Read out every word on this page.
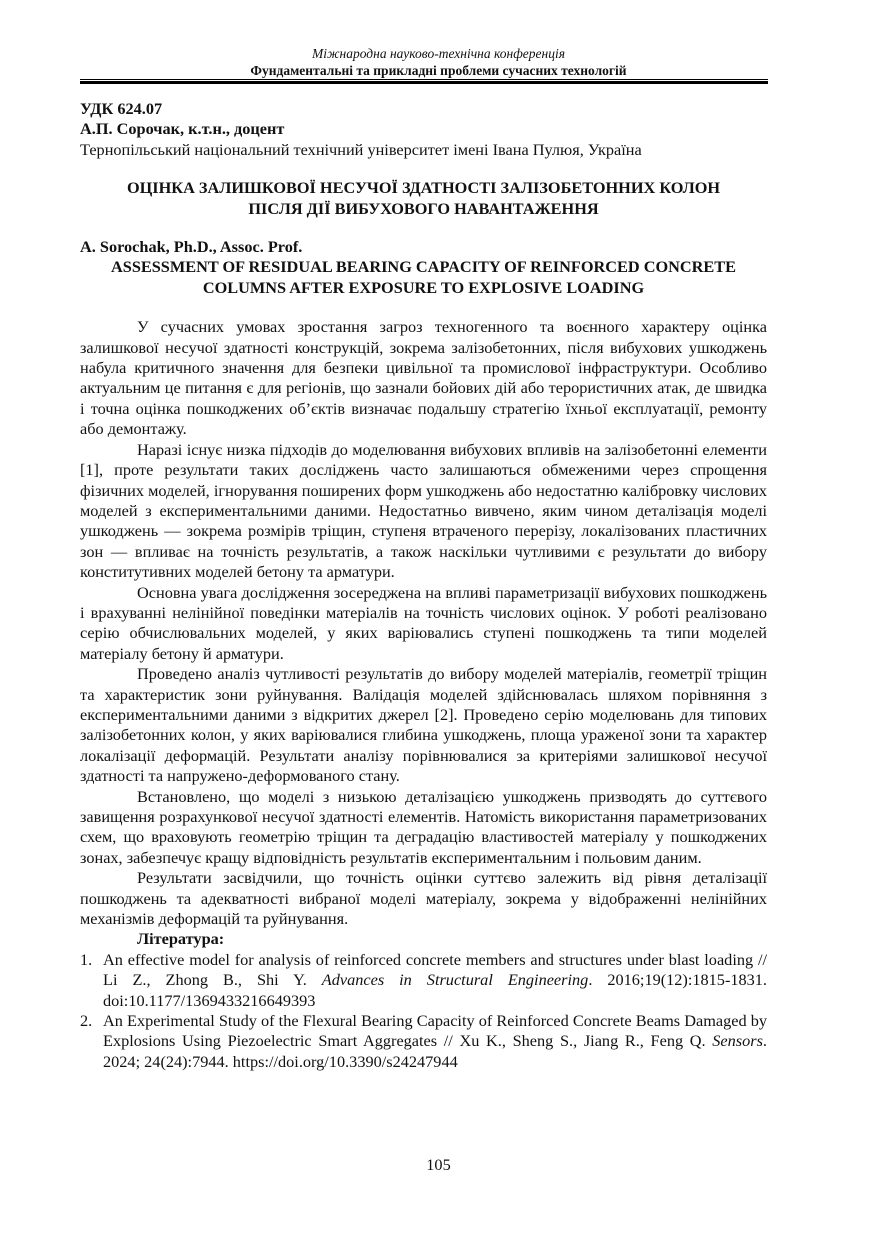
Міжнародна науково-технічна конференція
Фундаментальні та прикладні проблеми сучасних технологій
УДК 624.07
А.П. Сорочак, к.т.н., доцент
Тернопільський національний технічний університет імені Івана Пулюя, Україна
ОЦІНКА ЗАЛИШКОВОЇ НЕСУЧОЇ ЗДАТНОСТІ ЗАЛІЗОБЕТОННИХ КОЛОН
ПІСЛЯ ДІЇ ВИБУХОВОГО НАВАНТАЖЕННЯ
A. Sorochak, Ph.D., Assoc. Prof.
ASSESSMENT OF RESIDUAL BEARING CAPACITY OF REINFORCED CONCRETE
COLUMNS AFTER EXPOSURE TO EXPLOSIVE LOADING

У сучасних умовах зростання загроз техногенного та воєнного характеру оцінка залишкової несучої здатності конструкцій, зокрема залізобетонних, після вибухових ушкоджень набула критичного значення для безпеки цивільної та промислової інфраструктури. Особливо актуальним це питання є для регіонів, що зазнали бойових дій або терористичних атак, де швидка і точна оцінка пошкоджених об’єктів визначає подальшу стратегію їхньої експлуатації, ремонту або демонтажу.

Наразі існує низка підходів до моделювання вибухових впливів на залізобетонні елементи [1], проте результати таких досліджень часто залишаються обмеженими через спрощення фізичних моделей, ігнорування поширених форм ушкоджень або недостатню калібровку числових моделей з експериментальними даними. Недостатньо вивчено, яким чином деталізація моделі ушкоджень — зокрема розмірів тріщин, ступеня втраченого перерізу, локалізованих пластичних зон — впливає на точність результатів, а також наскільки чутливими є результати до вибору конститутивних моделей бетону та арматури.

Основна увага дослідження зосереджена на впливі параметризації вибухових пошкоджень і врахуванні нелінійної поведінки матеріалів на точність числових оцінок. У роботі реалізовано серію обчислювальних моделей, у яких варіювались ступені пошкоджень та типи моделей матеріалу бетону й арматури.

Проведено аналіз чутливості результатів до вибору моделей матеріалів, геометрії тріщин та характеристик зони руйнування. Валідація моделей здійснювалась шляхом порівняння з експериментальними даними з відкритих джерел [2]. Проведено серію моделювань для типових залізобетонних колон, у яких варіювалися глибина ушкоджень, площа ураженої зони та характер локалізації деформацій. Результати аналізу порівнювалися за критеріями залишкової несучої здатності та напружено-деформованого стану.

Встановлено, що моделі з низькою деталізацією ушкоджень призводять до суттєвого завищення розрахункової несучої здатності елементів. Натомість використання параметризованих схем, що враховують геометрію тріщин та деградацію властивостей матеріалу у пошкоджених зонах, забезпечує кращу відповідність результатів експериментальним і польовим даним.

Результати засвідчили, що точність оцінки суттєво залежить від рівня деталізації пошкоджень та адекватності вибраної моделі матеріалу, зокрема у відображенні нелінійних механізмів деформацій та руйнування.

Література:
1. An effective model for analysis of reinforced concrete members and structures under blast loading // Li Z., Zhong B., Shi Y. Advances in Structural Engineering. 2016;19(12):1815-1831. doi:10.1177/1369433216649393
2. An Experimental Study of the Flexural Bearing Capacity of Reinforced Concrete Beams Damaged by Explosions Using Piezoelectric Smart Aggregates // Xu K., Sheng S., Jiang R., Feng Q. Sensors. 2024; 24(24):7944. https://doi.org/10.3390/s24247944
105
